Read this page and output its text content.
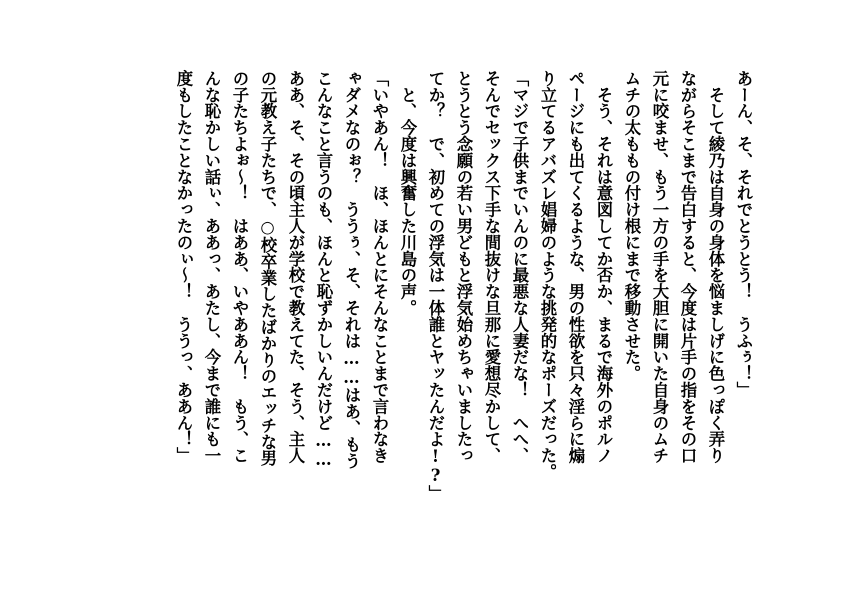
あーん、そ、それでとうとう！　うふぅ！」
　そして綾乃は自身の身体を悩ましげに色っぽく弄り
ながらそこまで告白すると、今度は片手の指をその口
元に咬ませ、もう一方の手を大胆に開いた自身のムチ
ムチの太ももの付け根にまで移動させた。
　そう、それは意図してか否か、まるで海外のポルノ
ページにも出てくるような、男の性欲を只々淫らに煽
り立てるアバズレ娼婦のような挑発的なポーズだった。
「マジで子供までいんのに最悪な人妻だな！　へへ、
そんでセックス下手な間抜けな旦那に愛想尽かして、
とうとう念願の若い男どもと浮気始めちゃいましたっ
てか？　で、初めての浮気は一体誰とヤッたんだよ!?」
　と、今度は興奮した川島の声。
「いやあん！　ほ、ほんとにそんなことまで言わなき
ゃダメなのぉ？　ううぅ、そ、それは……はあ、もう
こんなこと言うのも、ほんと恥ずかしいんだけど……
ああ、そ、その頃主人が学校で教えてた、そう、主人
の元教え子たちで、○校卒業したばかりのエッチな男
の子たちよぉ～！　はああ、いやああん！　もう、こ
んな恥かしい話ぃ、ああっ、あたし、今まで誰にも一
度もしたことなかったのぃ～！　ううっ、ああん！」
